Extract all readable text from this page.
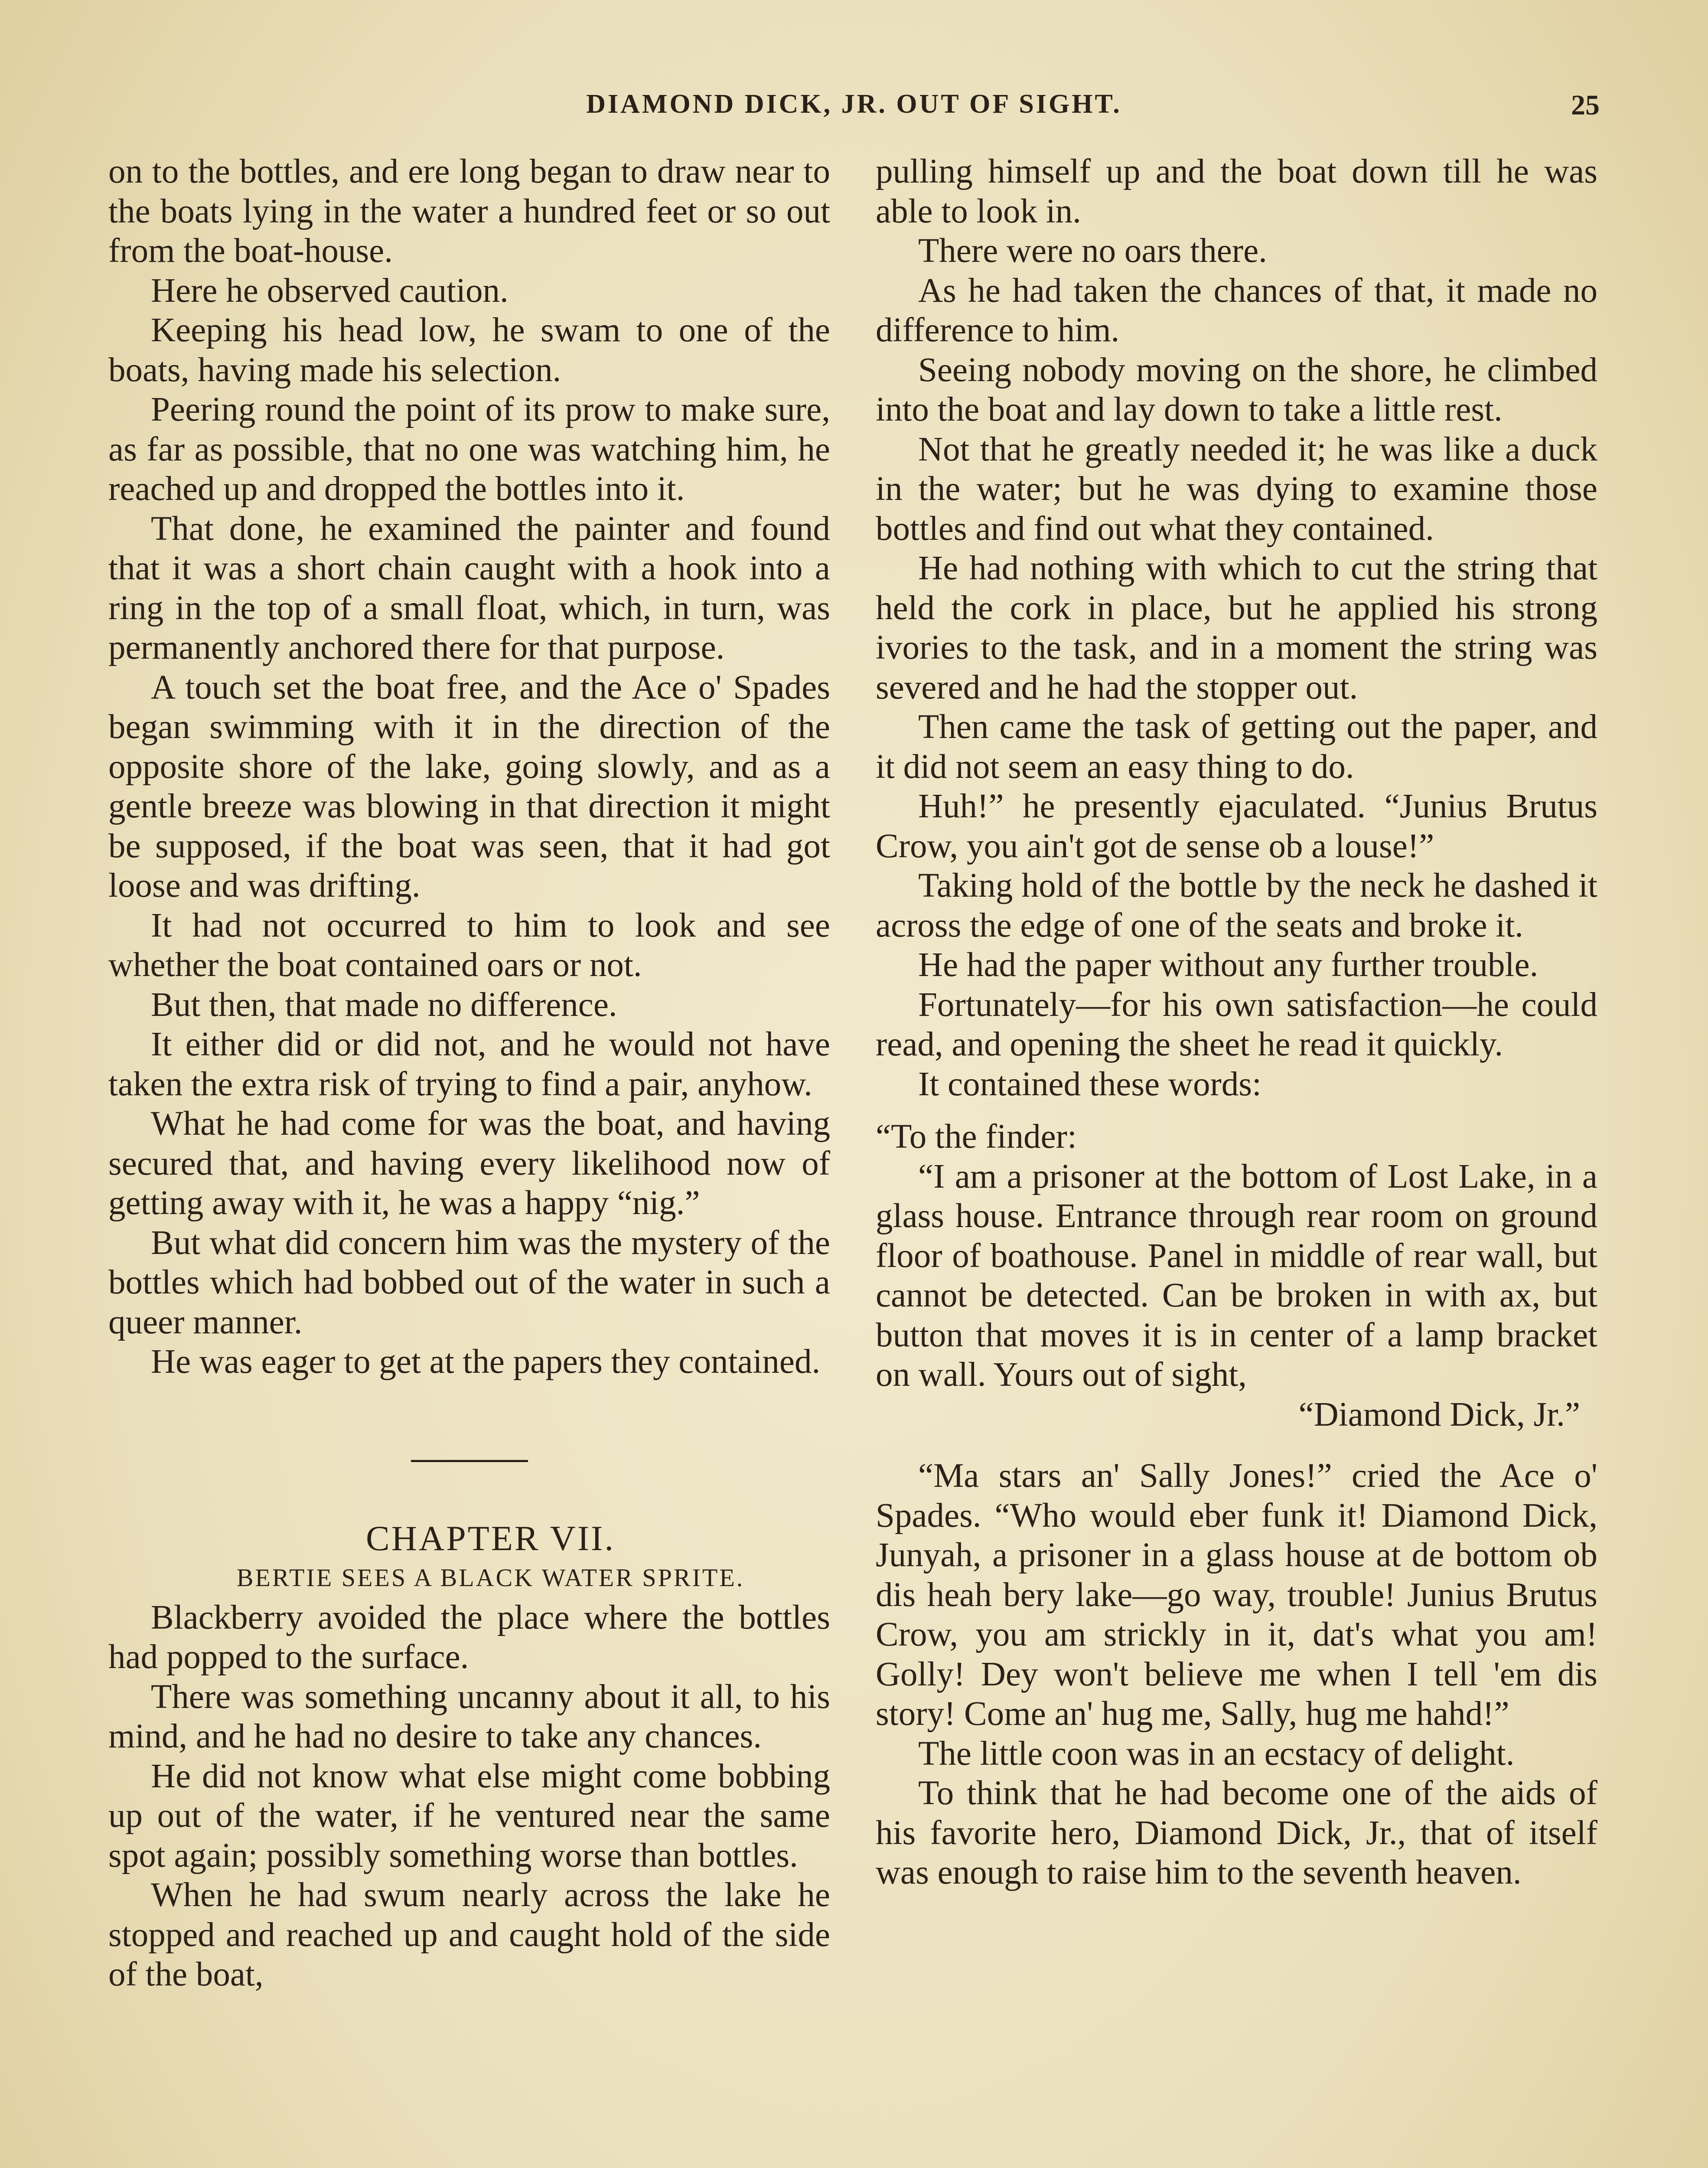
DIAMOND DICK, JR. OUT OF SIGHT.	25

on to the bottles, and ere long began to draw near to the boats lying in the water a hundred feet or so out from the boat-house.

Here he observed caution.

Keeping his head low, he swam to one of the boats, having made his selection.

Peering round the point of its prow to make sure, as far as possible, that no one was watching him, he reached up and dropped the bottles into it.

That done, he examined the painter and found that it was a short chain caught with a hook into a ring in the top of a small float, which, in turn, was permanently anchored there for that purpose.

A touch set the boat free, and the Ace o' Spades began swimming with it in the direction of the opposite shore of the lake, going slowly, and as a gentle breeze was blowing in that direction it might be supposed, if the boat was seen, that it had got loose and was drifting.

It had not occurred to him to look and see whether the boat contained oars or not.

But then, that made no difference.

It either did or did not, and he would not have taken the extra risk of trying to find a pair, anyhow.

What he had come for was the boat, and having secured that, and having every likelihood now of getting away with it, he was a happy “nig.”

But what did concern him was the mystery of the bottles which had bobbed out of the water in such a queer manner.

He was eager to get at the papers they contained.

CHAPTER VII.

BERTIE SEES A BLACK WATER SPRITE.

Blackberry avoided the place where the bottles had popped to the surface.

There was something uncanny about it all, to his mind, and he had no desire to take any chances.

He did not know what else might come bobbing up out of the water, if he ventured near the same spot again; possibly something worse than bottles.

When he had swum nearly across the lake he stopped and reached up and caught hold of the side of the boat,

pulling himself up and the boat down till he was able to look in.

There were no oars there.

As he had taken the chances of that, it made no difference to him.

Seeing nobody moving on the shore, he climbed into the boat and lay down to take a little rest.

Not that he greatly needed it; he was like a duck in the water; but he was dying to examine those bottles and find out what they contained.

He had nothing with which to cut the string that held the cork in place, but he applied his strong ivories to the task, and in a moment the string was severed and he had the stopper out.

Then came the task of getting out the paper, and it did not seem an easy thing to do.

Huh!” he presently ejaculated. “Junius Brutus Crow, you ain't got de sense ob a louse!”

Taking hold of the bottle by the neck he dashed it across the edge of one of the seats and broke it.

He had the paper without any further trouble.

Fortunately—for his own satisfaction—he could read, and opening the sheet he read it quickly.

It contained these words:

“To the finder:

“I am a prisoner at the bottom of Lost Lake, in a glass house. Entrance through rear room on ground floor of boathouse. Panel in middle of rear wall, but cannot be detected. Can be broken in with ax, but button that moves it is in center of a lamp bracket on wall. Yours out of sight,

“Diamond Dick, Jr.”

“Ma stars an' Sally Jones!” cried the Ace o' Spades. “Who would eber funk it! Diamond Dick, Junyah, a prisoner in a glass house at de bottom ob dis heah bery lake—go way, trouble! Junius Brutus Crow, you am strickly in it, dat's what you am! Golly! Dey won't believe me when I tell 'em dis story! Come an' hug me, Sally, hug me hahd!”

The little coon was in an ecstacy of delight.

To think that he had become one of the aids of his favorite hero, Diamond Dick, Jr., that of itself was enough to raise him to the seventh heaven.
